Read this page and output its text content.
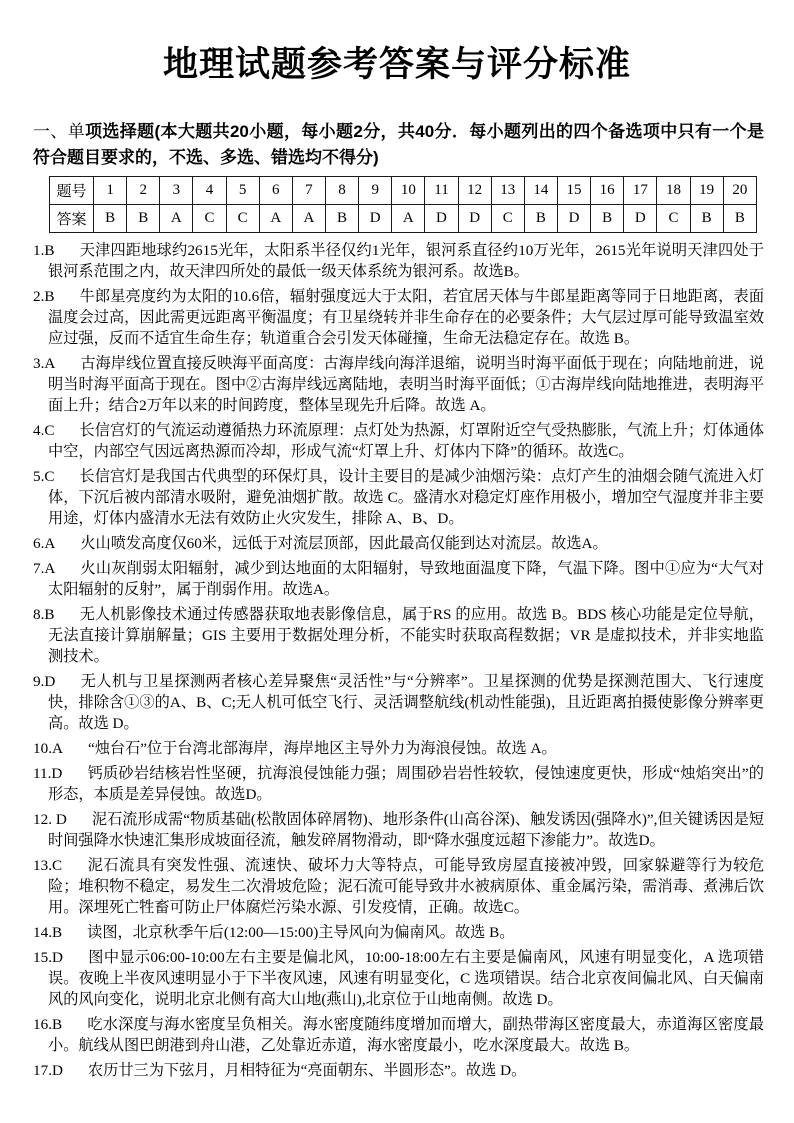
地理试题参考答案与评分标准

一、单项选择题(本大题共20小题，每小题2分，共40分．每小题列出的四个备选项中只有一个是符合题目要求的，不选、多选、错选均不得分)

题号	1	2	3	4	5	6	7	8	9	10	11	12	13	14	15	16	17	18	19	20
答案	B	B	A	C	C	A	A	B	D	A	D	D	C	B	D	B	D	C	B	B

1.B 天津四距地球约2615光年，太阳系半径仅约1光年，银河系直径约10万光年，2615光年说明天津四处于银河系范围之内，故天津四所处的最低一级天体系统为银河系。故选B。

2.B 牛郎星亮度约为太阳的10.6倍，辐射强度远大于太阳，若宜居天体与牛郎星距离等同于日地距离，表面温度会过高，因此需更远距离平衡温度；有卫星绕转并非生命存在的必要条件；大气层过厚可能导致温室效应过强，反而不适宜生命生存；轨道重合会引发天体碰撞，生命无法稳定存在。故选 B。

3.A 古海岸线位置直接反映海平面高度：古海岸线向海洋退缩，说明当时海平面低于现在；向陆地前进，说明当时海平面高于现在。图中②古海岸线远离陆地，表明当时海平面低；①古海岸线向陆地推进，表明海平面上升；结合2万年以来的时间跨度，整体呈现先升后降。故选 A。

4.C 长信宫灯的气流运动遵循热力环流原理：点灯处为热源，灯罩附近空气受热膨胀，气流上升；灯体通体中空，内部空气因远离热源而冷却，形成气流“灯罩上升、灯体内下降”的循环。故选C。

5.C 长信宫灯是我国古代典型的环保灯具，设计主要目的是减少油烟污染：点灯产生的油烟会随气流进入灯体，下沉后被内部清水吸附，避免油烟扩散。故选 C。盛清水对稳定灯座作用极小，增加空气湿度并非主要用途，灯体内盛清水无法有效防止火灾发生，排除 A、B、D。

6.A 火山喷发高度仅60米，远低于对流层顶部，因此最高仅能到达对流层。故选A。

7.A 火山灰削弱太阳辐射，减少到达地面的太阳辐射，导致地面温度下降，气温下降。图中①应为“大气对太阳辐射的反射”，属于削弱作用。故选A。

8.B 无人机影像技术通过传感器获取地表影像信息，属于RS 的应用。故选 B。BDS 核心功能是定位导航，无法直接计算崩解量；GIS 主要用于数据处理分析，不能实时获取高程数据；VR 是虚拟技术，并非实地监测技术。

9.D 无人机与卫星探测两者核心差异聚焦“灵活性”与“分辨率”。卫星探测的优势是探测范围大、飞行速度快，排除含①③的A、B、C;无人机可低空飞行、灵活调整航线(机动性能强)，且近距离拍摄使影像分辨率更高。故选 D。

10.A “烛台石”位于台湾北部海岸，海岸地区主导外力为海浪侵蚀。故选 A。

11.D 钙质砂岩结核岩性坚硬，抗海浪侵蚀能力强；周围砂岩岩性较软，侵蚀速度更快，形成“烛焰突出”的形态，本质是差异侵蚀。故选D。

12. D 泥石流形成需“物质基础(松散固体碎屑物)、地形条件(山高谷深)、触发诱因(强降水)”,但关键诱因是短时间强降水快速汇集形成坡面径流，触发碎屑物滑动，即“降水强度远超下渗能力”。故选D。

13.C 泥石流具有突发性强、流速快、破坏力大等特点，可能导致房屋直接被冲毁，回家躲避等行为较危险；堆积物不稳定，易发生二次滑坡危险；泥石流可能导致井水被病原体、重金属污染，需消毒、煮沸后饮用。深埋死亡牲畜可防止尸体腐烂污染水源、引发疫情，正确。故选C。

14.B 读图，北京秋季午后(12:00—15:00)主导风向为偏南风。故选 B。

15.D 图中显示06:00-10:00左右主要是偏北风，10:00-18:00左右主要是偏南风，风速有明显变化，A 选项错误。夜晚上半夜风速明显小于下半夜风速，风速有明显变化，C 选项错误。结合北京夜间偏北风、白天偏南风的风向变化，说明北京北侧有高大山地(燕山),北京位于山地南侧。故选 D。

16.B 吃水深度与海水密度呈负相关。海水密度随纬度增加而增大，副热带海区密度最大，赤道海区密度最小。航线从图巴朗港到舟山港，乙处靠近赤道，海水密度最小，吃水深度最大。故选 B。

17.D 农历廿三为下弦月，月相特征为“亮面朝东、半圆形态”。故选 D。
